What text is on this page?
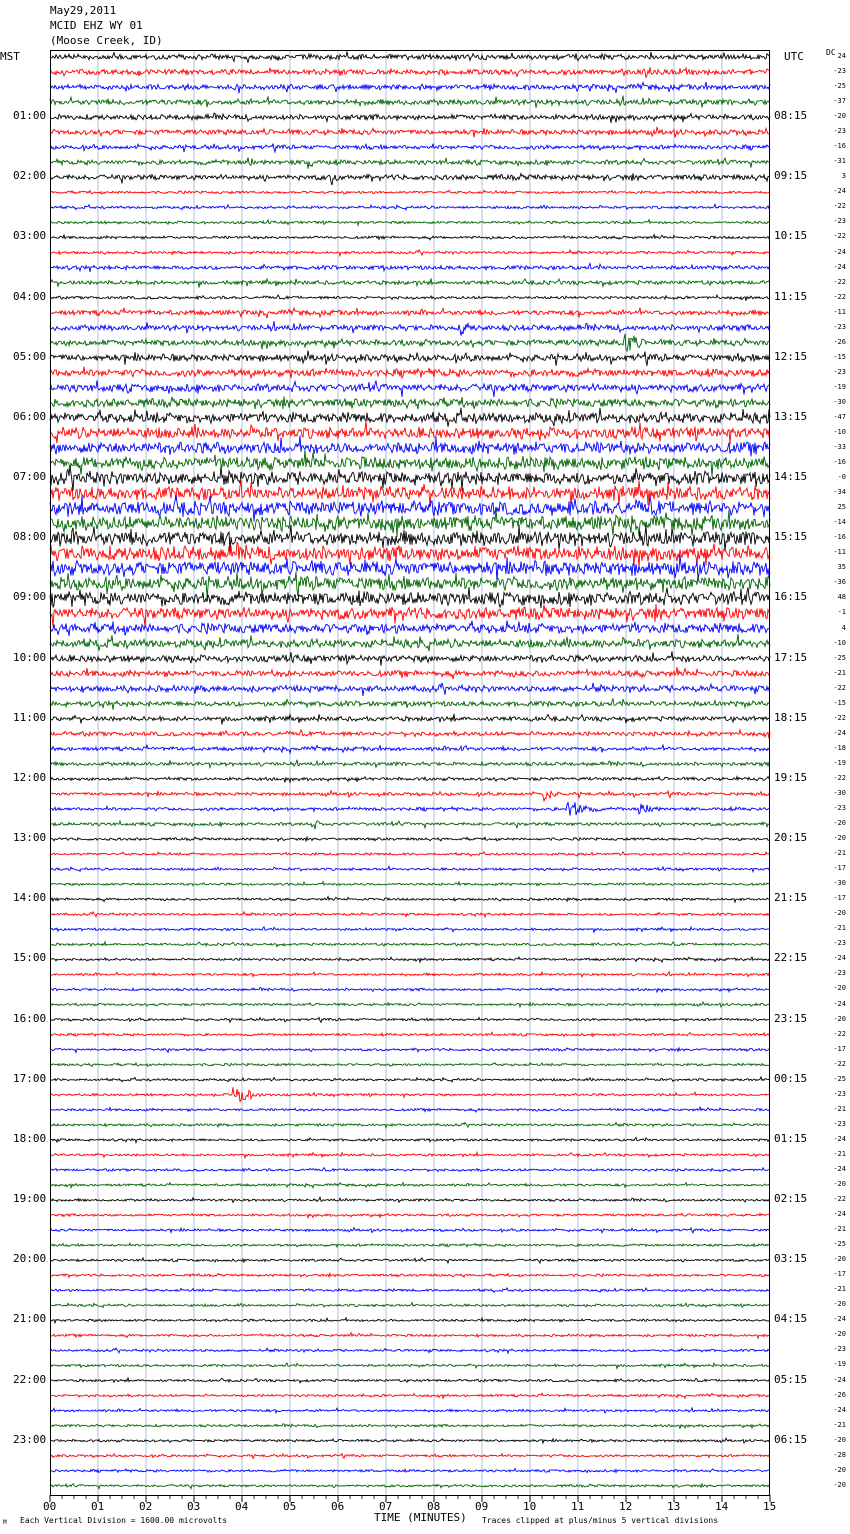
May29,2011
MCID EHZ WY 01
(Moose Creek, ID)
MST	UTC	DC
01:00
02:00
03:00
04:00
05:00
06:00
07:00
08:00
09:00
10:00
11:00
12:00
13:00
14:00
15:00
16:00
17:00
18:00
19:00
20:00
21:00
22:00
23:00
08:15
09:15
10:15
11:15
12:15
13:15
14:15
15:15
16:15
17:15
18:15
19:15
20:15
21:15
22:15
23:15
00:15
01:15
02:15
03:15
04:15
05:15
06:15
24
-23
-25
-37
-20
-23
-16
-31
3
-24
-22
-23
-22
-24
-24
-22
-22
-11
-23
-26
-15
-23
-19
-30
-47
-10
-33
-16
-0
-34
25
-14
-16
-11
35
-36
48
-1
4
-10
-25
-21
-22
-15
-22
-24
-18
-19
-22
-30
-23
-20
-20
-21
-17
-30
-17
-20
-21
-23
-24
-23
-20
-24
-20
-22
-17
-22
-25
-23
-21
-23
-24
-21
-24
-20
-22
-24
-21
-25
-20
-17
-21
-20
-24
-20
-23
-19
-24
-26
-24
-21
-20
-28
-20
-20
00	01	02	03	04	05	06	07	08	09	10	11	12	13	14	15
M Each Vertical Division = 1600.00 microvolts	TIME (MINUTES) Traces clipped at plus/minus 5 vertical divisions
